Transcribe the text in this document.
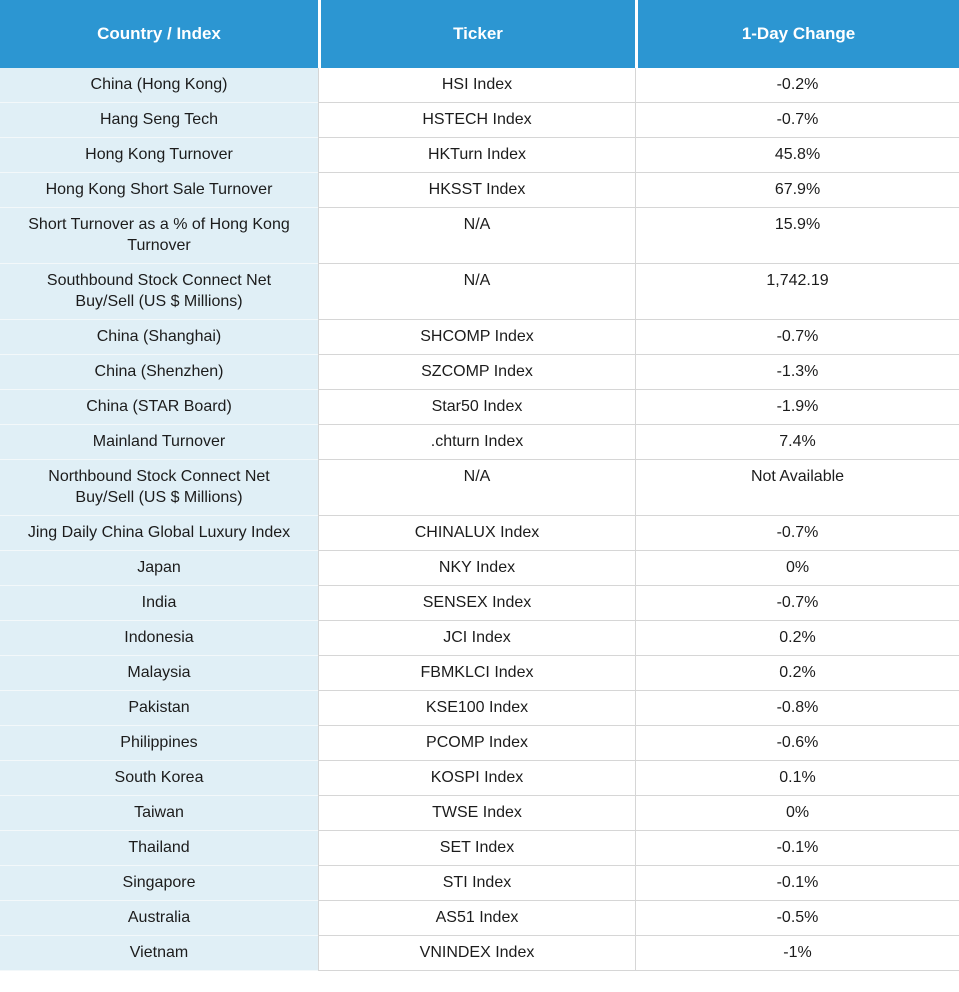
Country / Index	Ticker	1-Day Change
China (Hong Kong)	HSI Index	-0.2%
Hang Seng Tech	HSTECH Index	-0.7%
Hong Kong Turnover	HKTurn Index	45.8%
Hong Kong Short Sale Turnover	HKSST Index	67.9%
Short Turnover as a % of Hong Kong Turnover	N/A	15.9%
Southbound Stock Connect Net Buy/Sell (US $ Millions)	N/A	1,742.19
China (Shanghai)	SHCOMP Index	-0.7%
China (Shenzhen)	SZCOMP Index	-1.3%
China (STAR Board)	Star50 Index	-1.9%
Mainland Turnover	.chturn Index	7.4%
Northbound Stock Connect Net Buy/Sell (US $ Millions)	N/A	Not Available
Jing Daily China Global Luxury Index	CHINALUX Index	-0.7%
Japan	NKY Index	0%
India	SENSEX Index	-0.7%
Indonesia	JCI Index	0.2%
Malaysia	FBMKLCI Index	0.2%
Pakistan	KSE100 Index	-0.8%
Philippines	PCOMP Index	-0.6%
South Korea	KOSPI Index	0.1%
Taiwan	TWSE Index	0%
Thailand	SET Index	-0.1%
Singapore	STI Index	-0.1%
Australia	AS51 Index	-0.5%
Vietnam	VNINDEX Index	-1%
